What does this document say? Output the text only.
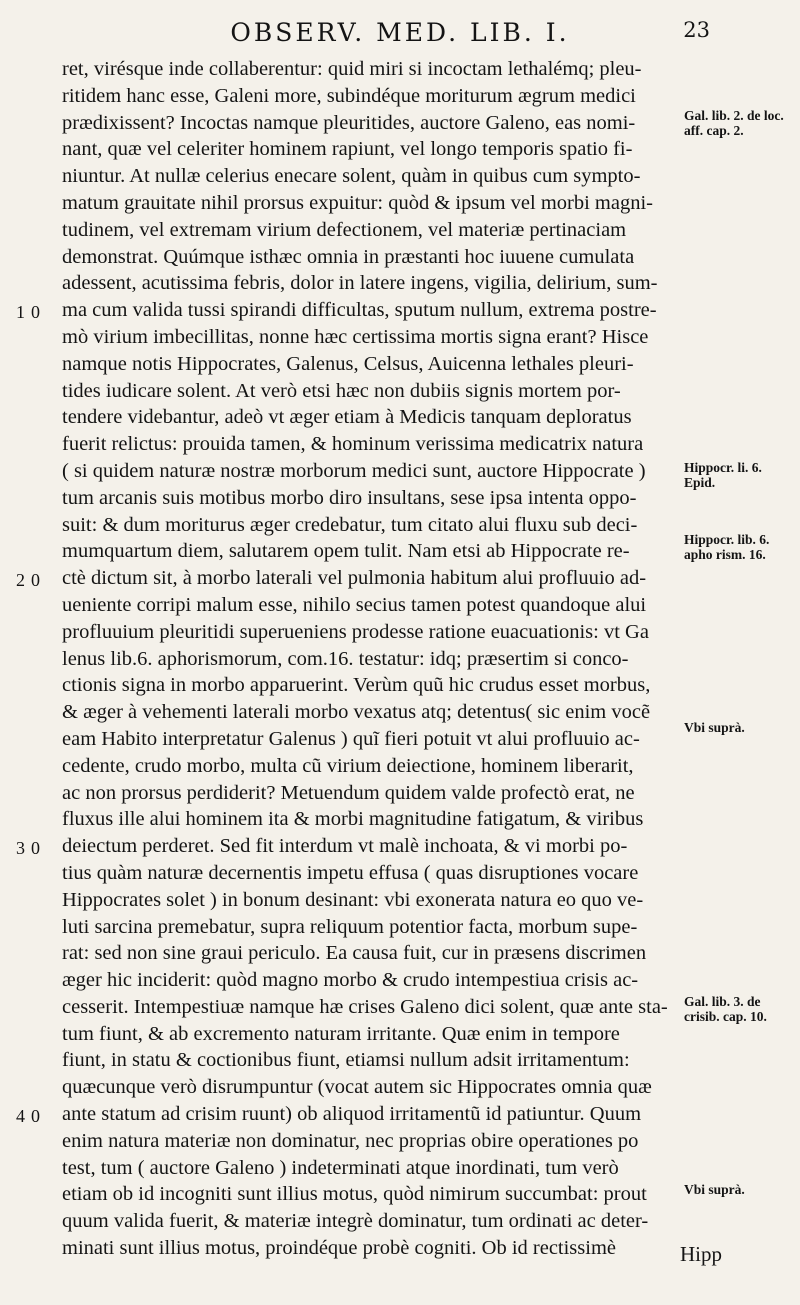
OBSERV. MED. LIB. I.	23
ret, virésque inde collaberentur: quid miri si incoctam lethalémq; pleu-
ritidem hanc esse, Galeni more, subindéque moriturum ægrum medici
prædixissent? Incoctas namque pleuritides, auctore Galeno, eas nomi-
nant, quæ vel celeriter hominem rapiunt, vel longo temporis spatio fi-
niuntur. At nullæ celerius enecare solent, quàm in quibus cum sympto-
matum grauitate nihil prorsus expuitur: quòd & ipsum vel morbi magni-
tudinem, vel extremam virium defectionem, vel materiæ pertinaciam
demonstrat. Quúmque isthæc omnia in præstanti hoc iuuene cumulata
adessent, acutissima febris, dolor in latere ingens, vigilia, delirium, sum-
ma cum valida tussi spirandi difficultas, sputum nullum, extrema postre-
mò virium imbecillitas, nonne hæc certissima mortis signa erant? Hisce
namque notis Hippocrates, Galenus, Celsus, Auicenna lethales pleuri-
tides iudicare solent. At verò etsi hæc non dubiis signis mortem por-
tendere videbantur, adeò vt æger etiam à Medicis tanquam deploratus
fuerit relictus: prouida tamen, & hominum verissima medicatrix natura
( si quidem naturæ nostræ morborum medici sunt, auctore Hippocrate )
tum arcanis suis motibus morbo diro insultans, sese ipsa intenta oppo-
suit: & dum moriturus æger credebatur, tum citato alui fluxu sub deci-
mumquartum diem, salutarem opem tulit. Nam etsi ab Hippocrate re-
ctè dictum sit, à morbo laterali vel pulmonia habitum alui profluuio ad-
ueniente corripi malum esse, nihilo secius tamen potest quandoque alui
profluuium pleuritidi superueniens prodesse ratione euacuationis: vt Ga
lenus lib.6. aphorismorum, com.16. testatur: idq; præsertim si conco-
ctionis signa in morbo apparuerint. Verùm quũ hic crudus esset morbus,
& æger à vehementi laterali morbo vexatus atq; detentus( sic enim vocẽ
eam Habito interpretatur Galenus ) quĩ fieri potuit vt alui profluuio ac-
cedente, crudo morbo, multa cũ virium deiectione, hominem liberarit,
ac non prorsus perdiderit? Metuendum quidem valde profectò erat, ne
fluxus ille alui hominem ita & morbi magnitudine fatigatum, & viribus
deiectum perderet. Sed fit interdum vt malè inchoata, & vi morbi po-
tius quàm naturæ decernentis impetu effusa ( quas disruptiones vocare
Hippocrates solet ) in bonum desinant: vbi exonerata natura eo quo ve-
luti sarcina premebatur, supra reliquum potentior facta, morbum supe-
rat: sed non sine graui periculo. Ea causa fuit, cur in præsens discrimen
æger hic inciderit: quòd magno morbo & crudo intempestiua crisis ac-
cesserit. Intempestiuæ namque hæ crises Galeno dici solent, quæ ante sta-
tum fiunt, & ab excremento naturam irritante. Quæ enim in tempore
fiunt, in statu & coctionibus fiunt, etiamsi nullum adsit irritamentum:
quæcunque verò disrumpuntur (vocat autem sic Hippocrates omnia quæ
ante statum ad crisim ruunt) ob aliquod irritamentũ id patiuntur. Quum
enim natura materiæ non dominatur, nec proprias obire operationes po
test, tum ( auctore Galeno ) indeterminati atque inordinati, tum verò
etiam ob id incogniti sunt illius motus, quòd nimirum succumbat: prout
quum valida fuerit, & materiæ integrè dominatur, tum ordinati ac deter-
minati sunt illius motus, proindéque probè cogniti. Ob id rectissimè
10
20
30
40
Gal. lib. 2. de loc. aff. cap. 2.
Hippocr. li. 6. Epid.
Hippocr. lib. 6. apho rism. 16.
Vbi suprà.
Gal. lib. 3. de crisib. cap. 10.
Vbi suprà.
Hipp
